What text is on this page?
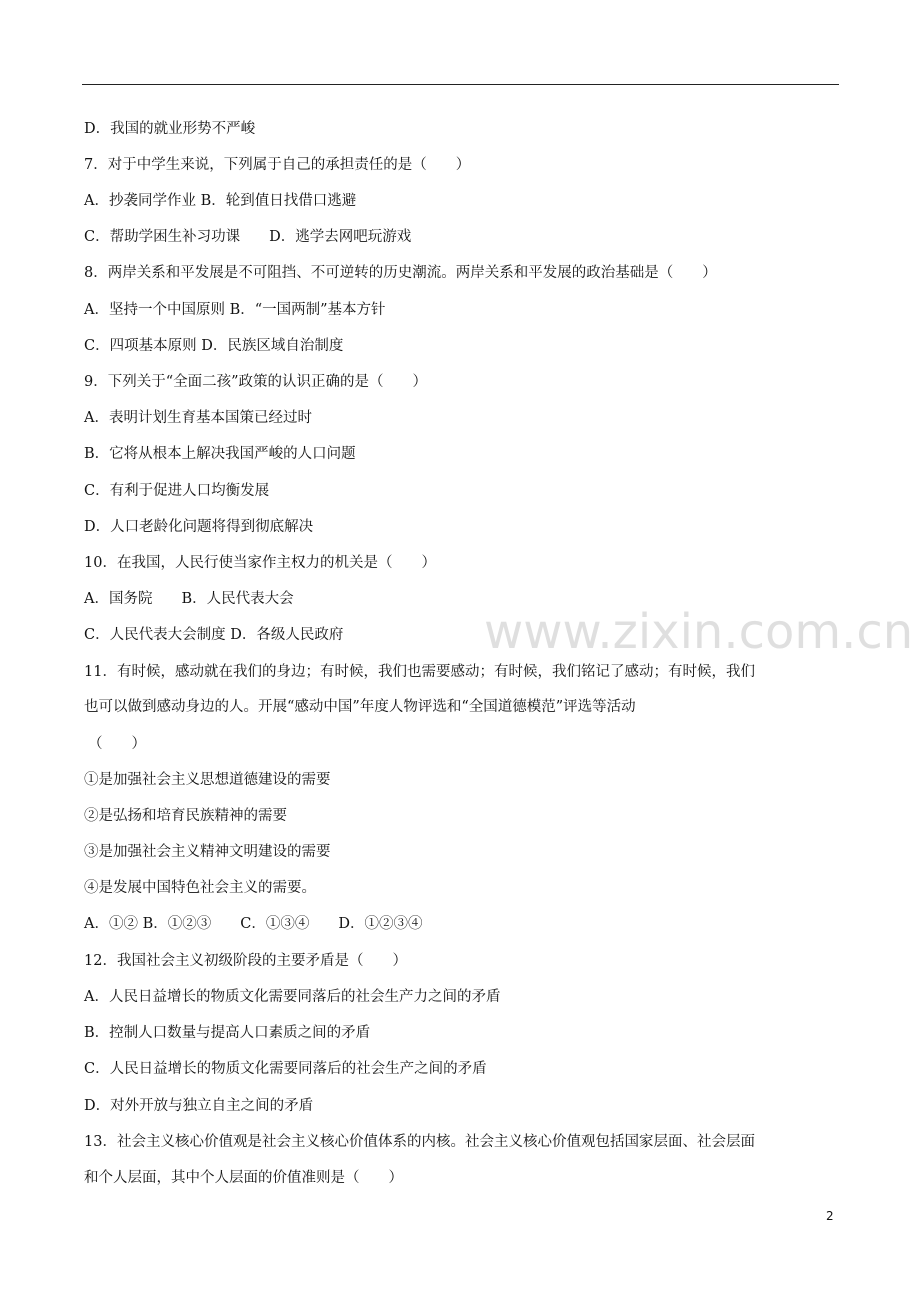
www.zixin.com.cn
D．我国的就业形势不严峻
7．对于中学生来说，下列属于自己的承担责任的是（　　）
A．抄袭同学作业 B．轮到值日找借口逃避
C．帮助学困生补习功课　　D．逃学去网吧玩游戏
8．两岸关系和平发展是不可阻挡、不可逆转的历史潮流。两岸关系和平发展的政治基础是（　　）
A．坚持一个中国原则 B．“一国两制”基本方针
C．四项基本原则 D．民族区域自治制度
9．下列关于“全面二孩”政策的认识正确的是（　　）
A．表明计划生育基本国策已经过时
B．它将从根本上解决我国严峻的人口问题
C．有利于促进人口均衡发展
D．人口老龄化问题将得到彻底解决
10．在我国，人民行使当家作主权力的机关是（　　）
A．国务院　　B．人民代表大会
C．人民代表大会制度 D．各级人民政府
11．有时候，感动就在我们的身边；有时候，我们也需要感动；有时候，我们铭记了感动；有时候，我们
也可以做到感动身边的人。开展“感动中国”年度人物评选和“全国道德模范”评选等活动
（　　）
①是加强社会主义思想道德建设的需要
②是弘扬和培育民族精神的需要
③是加强社会主义精神文明建设的需要
④是发展中国特色社会主义的需要。
A．①② B．①②③　　C．①③④　　D．①②③④
12．我国社会主义初级阶段的主要矛盾是（　　）
A．人民日益增长的物质文化需要同落后的社会生产力之间的矛盾
B．控制人口数量与提高人口素质之间的矛盾
C．人民日益增长的物质文化需要同落后的社会生产之间的矛盾
D．对外开放与独立自主之间的矛盾
13．社会主义核心价值观是社会主义核心价值体系的内核。社会主义核心价值观包括国家层面、社会层面
和个人层面，其中个人层面的价值准则是（　　）
2
